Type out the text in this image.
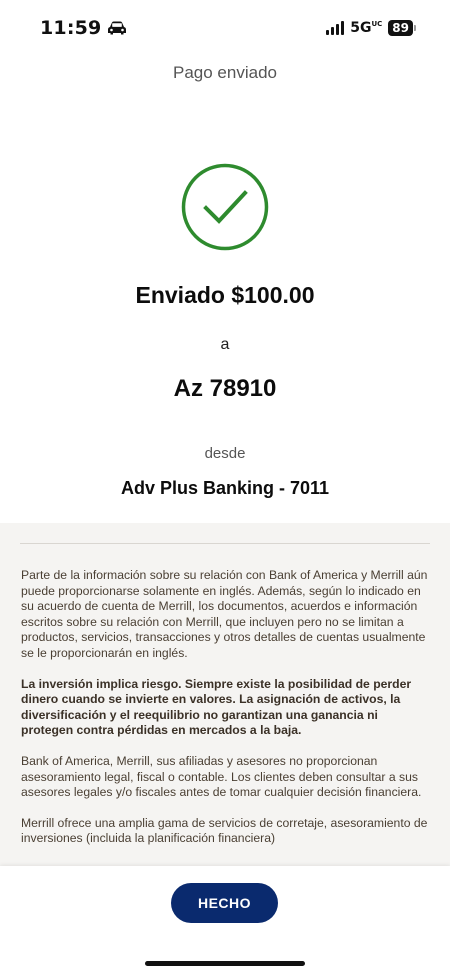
11:59	$5G^{UC}$ 89
Pago enviado
Enviado $100.00
a
Az 78910
desde
Adv Plus Banking - 7011

Parte de la información sobre su relación con Bank of America y Merrill aún puede proporcionarse solamente en inglés. Además, según lo indicado en su acuerdo de cuenta de Merrill, los documentos, acuerdos e información escritos sobre su relación con Merrill, que incluyen pero no se limitan a productos, servicios, transacciones y otros detalles de cuentas usualmente se le proporcionarán en inglés.

La inversión implica riesgo. Siempre existe la posibilidad de perder dinero cuando se invierte en valores. La asignación de activos, la diversificación y el reequilibrio no garantizan una ganancia ni protegen contra pérdidas en mercados a la baja.

Bank of America, Merrill, sus afiliadas y asesores no proporcionan asesoramiento legal, fiscal o contable. Los clientes deben consultar a sus asesores legales y/o fiscales antes de tomar cualquier decisión financiera.

Merrill ofrece una amplia gama de servicios de corretaje, asesoramiento de inversiones (incluida la planificación financiera)

HECHO
